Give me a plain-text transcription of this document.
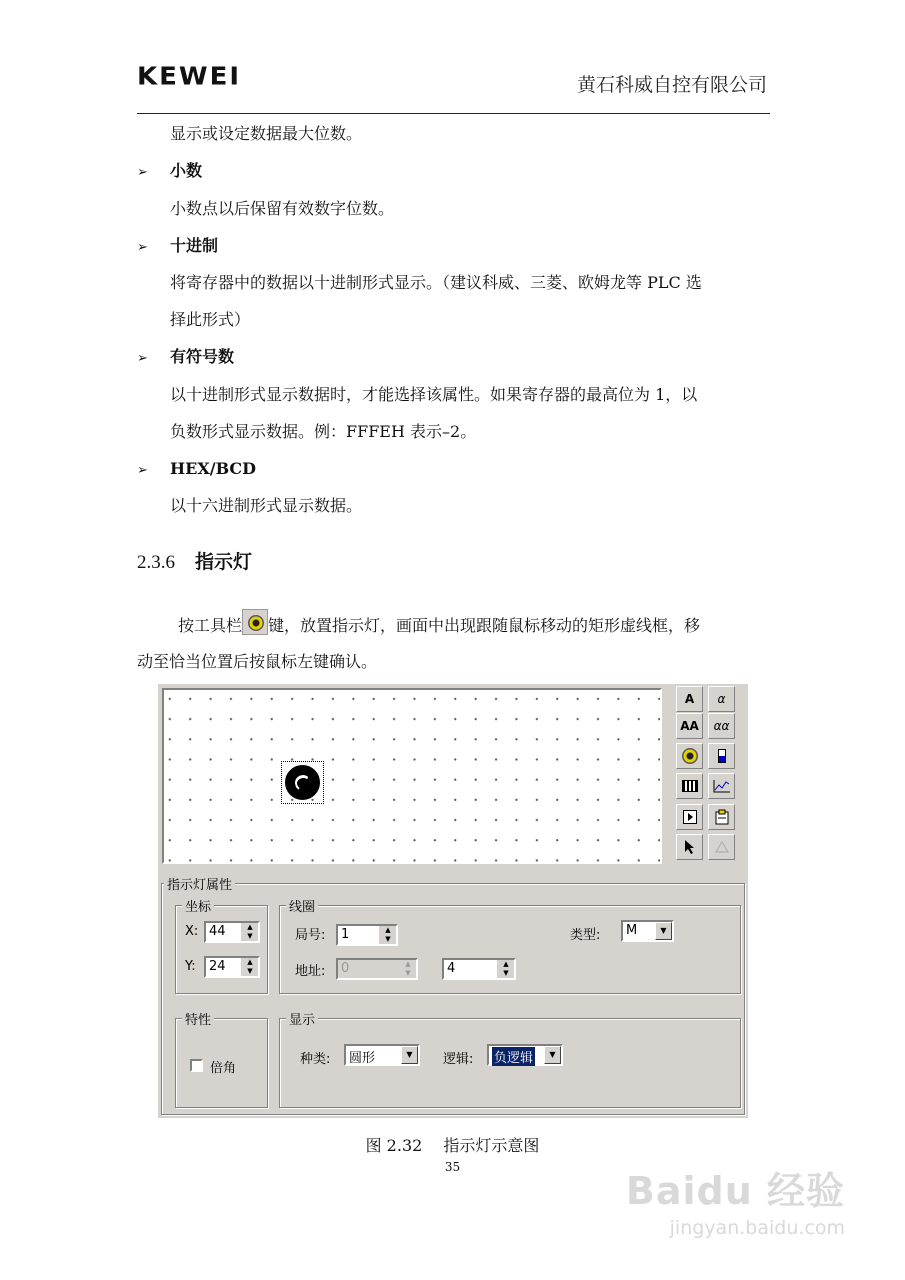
KEWEI	黄石科威自控有限公司
显示或设定数据最大位数。
➢ 小数
小数点以后保留有效数字位数。
➢ 十进制
将寄存器中的数据以十进制形式显示。（建议科威、三菱、欧姆龙等 PLC 选
择此形式）
➢ 有符号数
以十进制形式显示数据时，才能选择该属性。如果寄存器的最高位为 1，以
负数形式显示数据。例：FFFEH 表示–2。
➢ HEX/BCD
以十六进制形式显示数据。
2.3.6 指示灯
按工具栏 键，放置指示灯，画面中出现跟随鼠标移动的矩形虚线框，移
动至恰当位置后按鼠标左键确认。
A	α
AA	αα
指示灯属性
坐标
X: 44	▲
▼
Y: 24	▲
▼
线圈
局号: 1	▲
▼	类型: M	▼
地址: 0	▲
▼	4	▲
▼
特性
倍角
显示
种类: 圆形	▼	逻辑: 负逻辑	▼
图 2.32　 指示灯示意图
35
Baidu 经验
jingyan.baidu.com
